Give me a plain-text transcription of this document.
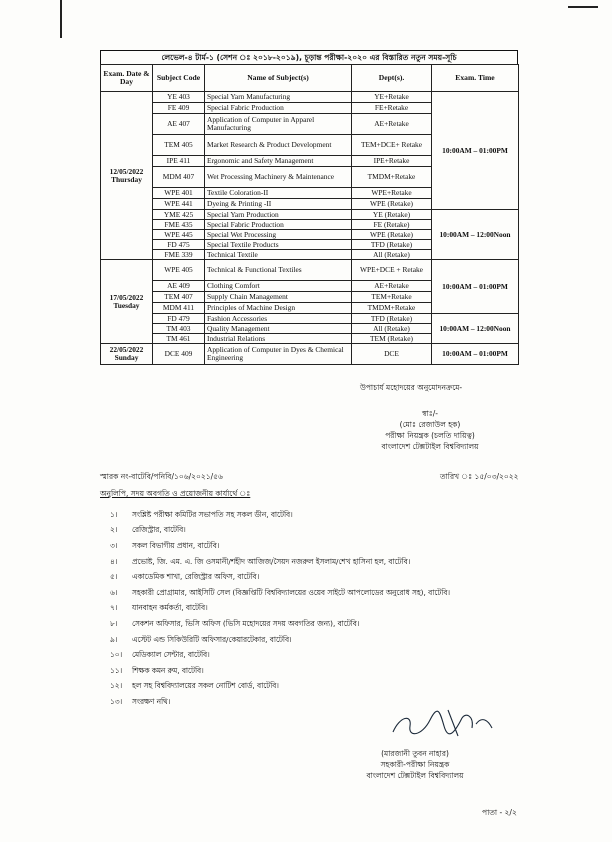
লেভেল-৪ টার্ম-১ (সেশন ঃ ২০১৮-২০১৯), চূড়ান্ত পরীক্ষা-২০২০ এর বিস্তারিত নতুন সময়-সূচি
Exam. Date & Day	Subject Code	Name of Subject(s)	Dept(s).	Exam. Time
12/05/2022
Thursday	YE 403	Special Yarn Manufacturing	YE+Retake	10:00AM – 01:00PM
	FE 409	Special Fabric Production	FE+Retake	
	AE 407	Application of Computer in Apparel Manufacturing	AE+Retake	
	TEM 405	Market Research & Product Development	TEM+DCE+ Retake	
	IPE 411	Ergonomic and Safety Management	IPE+Retake	
	MDM 407	Wet Processing Machinery & Maintenance	TMDM+Retake	
	WPE 401	Textile Coloration-II	WPE+Retake	
	WPE 441	Dyeing & Printing -II	WPE (Retake)	
	YME 425	Special Yarn Production	YE (Retake)	10:00AM – 12:00Noon
	FME 435	Special Fabric Production	FE (Retake)	
	WPE 445	Special Wet Processing	WPE (Retake)	
	FD 475	Special Textile Products	TFD (Retake)	
	FME 339	Technical Textile	All (Retake)	
17/05/2022
Tuesday	WPE 405	Technical & Functional Textiles	WPE+DCE + Retake	10:00AM – 01:00PM
	AE 409	Clothing Comfort	AE+Retake	
	TEM 407	Supply Chain Management	TEM+Retake	
	MDM 411	Principles of Machine Design	TMDM+Retake	
	FD 479	Fashion Accessories	TFD (Retake)	10:00AM – 12:00Noon
	TM 403	Quality Management	All (Retake)	
	TM 461	Industrial Relations	TEM (Retake)	
22/05/2022
Sunday	DCE 409	Application of Computer in Dyes & Chemical Engineering	DCE	10:00AM – 01:00PM
উপাচার্য মহোদয়ের অনুমোদনক্রমে-
স্বাঃ/-
(মোঃ রেজাউল হক)
পরীক্ষা নিয়ন্ত্রক (চলতি দায়িত্ব)
বাংলাদেশ টেক্সটাইল বিশ্ববিদ্যালয়
স্মারক নং-বাটেবি/পনিবি/১০৬/২০২১/৫৬	তারিখ ঃ ১৫/০৩/২০২২
অনুলিপি, সদয় অবগতি ও প্রয়োজনীয় কার্যার্থে ঃ
১।	সংশ্লিষ্ট পরীক্ষা কমিটির সভাপতি সহ সকল ডীন, বাটেবি।
২।	রেজিস্ট্রার, বাটেবি।
৩।	সকল বিভাগীয় প্রধান, বাটেবি।
৪।	প্রভোষ্ট, জি. এম. এ. জি ওসমানী/শহীদ আজিজ/সৈয়দ নজরুল ইসলাম/শেখ হাসিনা হল, বাটেবি।
৫।	একাডেমিক শাখা, রেজিস্ট্রার অফিস, বাটেবি।
৬।	সহকারী প্রোগ্রামার, আইসিটি সেল (বিজ্ঞপ্তিটি বিশ্ববিদ্যালয়ের ওয়েব সাইটে আপলোডের অনুরোধ সহ), বাটেবি।
৭।	যানবাহন কর্মকর্তা, বাটেবি।
৮।	সেকশন অফিসার, ভিসি অফিস (ভিসি মহোদয়ের সদয় অবগতির জন্য), বাটেবি।
৯।	এস্টেট এন্ড সিকিউরিটি অফিসার/কেয়ারটেকার, বাটেবি।
১০।	মেডিক্যাল সেন্টার, বাটেবি।
১১।	শিক্ষক কমন রুম, বাটেবি।
১২।	হল সহ বিশ্ববিদ্যালয়ের সকল নোটিশ বোর্ড, বাটেবি।
১৩।	সংরক্ষণ নথি।
(মারজানী তুবন নাহার)
সহকারী-পরীক্ষা নিয়ন্ত্রক
বাংলাদেশ টেক্সটাইল বিশ্ববিদ্যালয়
পাতা - ২/২
